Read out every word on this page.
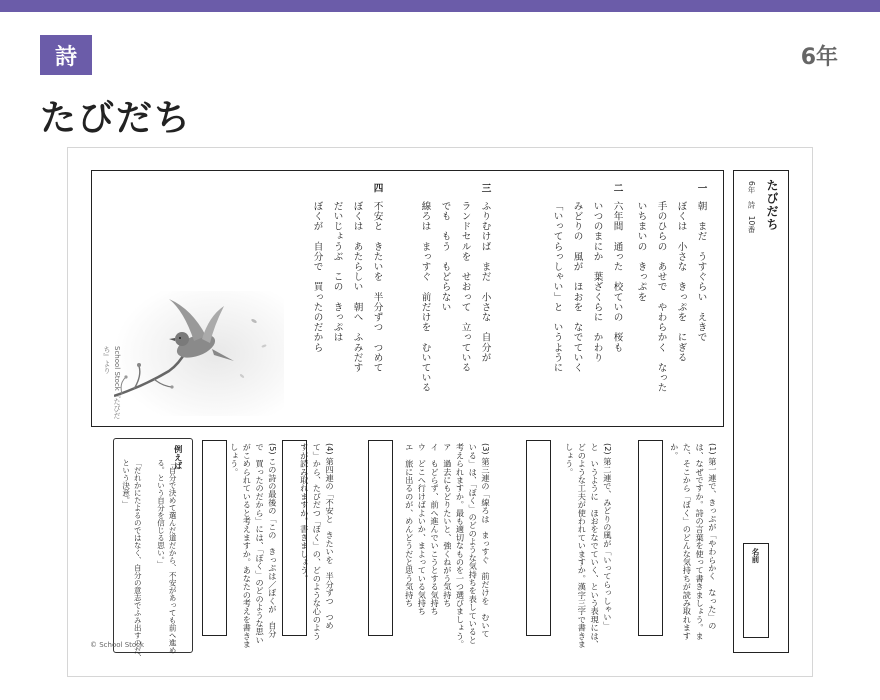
詩	6年
たびだち
一
朝　まだ　うすぐらい　えきで
ぼくは　小さな　きっぷを　にぎる
手のひらの　あせで　やわらかく　なった
いちまいの　きっぷを
二
六年間　通った　校ていの　桜も
いつのまにか　葉ざくらに　かわり
みどりの　風が　ほおを　なでていく
「いってらっしゃい」と　いうように
三
ふりむけば　まだ　小さな　自分が
ランドセルを　せおって　立っている
でも　もう　もどらない
線ろは　まっすぐ　前だけを　むいている
四
不安と　きたいを　半分ずつ　つめて
ぼくは　あたらしい　朝へ　ふみだす
だいじょうぶ　この　きっぷは
ぼくが　自分で　買ったのだから
School Stock『たびだち』より
たびだち
6年　詩　10番
名前
(1) 第一連で、きっぷが「やわらかく　なった」の
は、なぜですか。詩の言葉を使って書きましょう。ま
た、そこから「ぼく」のどんな気持ちが読み取れます
か。
(2) 第二連で、みどりの風が「いってらっしゃい」
と　いうように　ほおをなでていく、という表現には、
どのような工夫が使われていますか。漢字三字で書きま
しょう。
(3) 第三連の「線ろは　まっすぐ　前だけを　むいて
いる」は、「ぼく」のどのような気持ちを表していると
考えられますか。最も適切なものを一つ選びましょう。
ア　過去にもどりたいと、強くねがう気持ち
イ　もどらず、前へ進んでいこうとする気持ち
ウ　どこへ行けばよいか、まよっている気持ち
エ　旅に出るのが、めんどうだと思う気持ち
(4) 第四連の「不安と　きたいを　半分ずつ　つめ
て」から、たびだつ「ぼく」の、どのような心のよう
すが読み取れますか。書きましょう。
(5) この詩の最後の「この　きっぷは／ぼくが　自分
で　買ったのだから」には、「ぼく」のどのような思い
がこめられていると考えますか。あなたの考えを書きま
しょう。
例えば
「自分で決めて選んだ道だから、不安があっても前へ進め
る。という自分を信じる思い。」

「だれかにたよるのではなく、自分の意志でふみ出すのだ、
という決意。」
© School Stock
